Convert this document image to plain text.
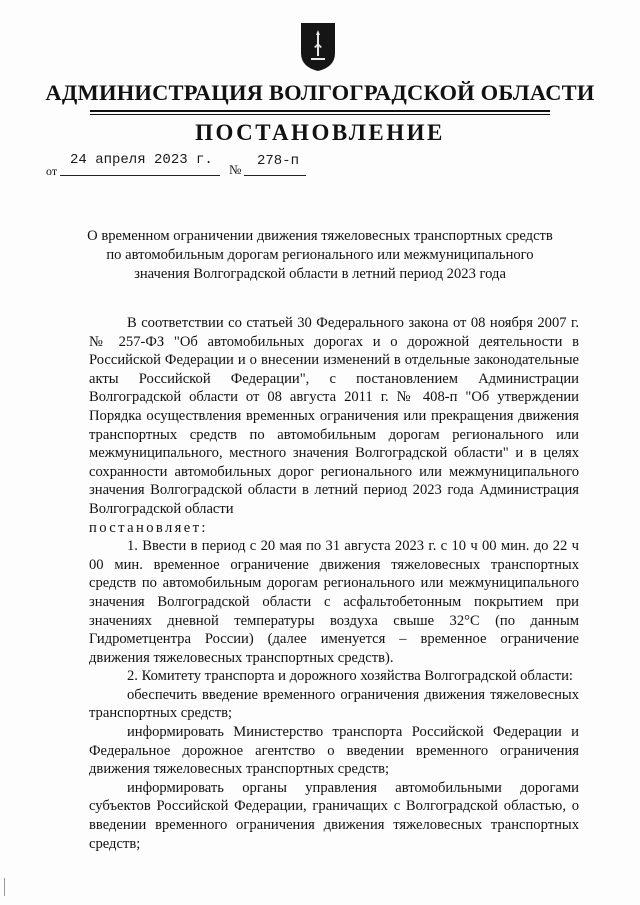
АДМИНИСТРАЦИЯ ВОЛГОГРАДСКОЙ ОБЛАСТИ
ПОСТАНОВЛЕНИЕ
от
24 апреля 2023 г.
№
278-п
О временном ограничении движения тяжеловесных транспортных средств
по автомобильным дорогам регионального или межмуниципального
значения Волгоградской области в летний период 2023 года

В соответствии со статьей 30 Федерального закона от 08 ноября 2007 г. № 257-ФЗ "Об автомобильных дорогах и о дорожной деятельности в Российской Федерации и о внесении изменений в отдельные законодательные акты Российской Федерации", с постановлением Администрации Волгоградской области от 08 августа 2011 г. № 408-п "Об утверждении Порядка осуществления временных ограничения или прекращения движения транспортных средств по автомобильным дорогам регионального или межмуниципального, местного значения Волгоградской области" и в целях сохранности автомобильных дорог регионального или межмуниципального значения Волгоградской области в летний период 2023 года Администрация Волгоградской области

постановляет:

1. Ввести в период с 20 мая по 31 августа 2023 г. с 10 ч 00 мин. до 22 ч 00 мин. временное ограничение движения тяжеловесных транспортных средств по автомобильным дорогам регионального или межмуниципального значения Волгоградской области с асфальтобетонным покрытием при значениях дневной температуры воздуха свыше 32°С (по данным Гидрометцентра России) (далее именуется – временное ограничение движения тяжеловесных транспортных средств).

2. Комитету транспорта и дорожного хозяйства Волгоградской области:

обеспечить введение временного ограничения движения тяжеловесных транспортных средств;

информировать Министерство транспорта Российской Федерации и Федеральное дорожное агентство о введении временного ограничения движения тяжеловесных транспортных средств;

информировать органы управления автомобильными дорогами субъектов Российской Федерации, граничащих с Волгоградской областью, о введении временного ограничения движения тяжеловесных транспортных средств;
